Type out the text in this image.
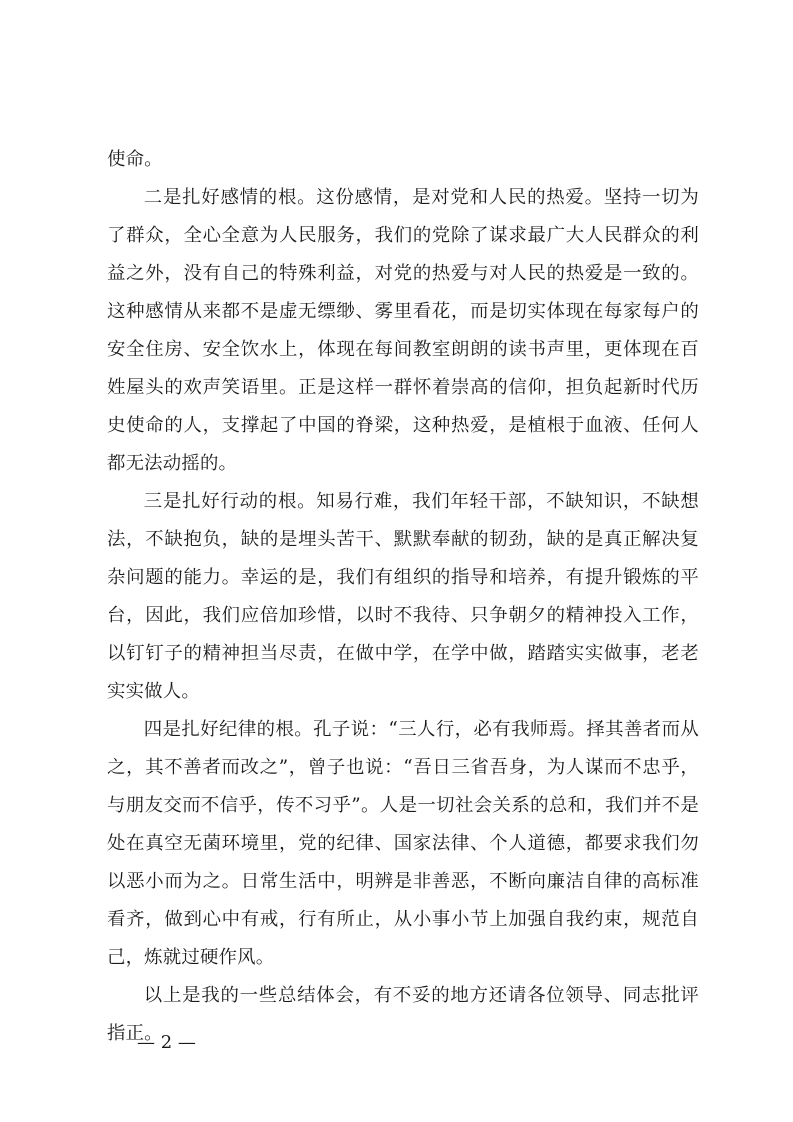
使命。

二是扎好感情的根。这份感情，是对党和人民的热爱。坚持一切为了群众，全心全意为人民服务，我们的党除了谋求最广大人民群众的利益之外，没有自己的特殊利益，对党的热爱与对人民的热爱是一致的。这种感情从来都不是虚无缥缈、雾里看花，而是切实体现在每家每户的安全住房、安全饮水上，体现在每间教室朗朗的读书声里，更体现在百姓屋头的欢声笑语里。正是这样一群怀着崇高的信仰，担负起新时代历史使命的人，支撑起了中国的脊梁，这种热爱，是植根于血液、任何人都无法动摇的。

三是扎好行动的根。知易行难，我们年轻干部，不缺知识，不缺想法，不缺抱负，缺的是埋头苦干、默默奉献的韧劲，缺的是真正解决复杂问题的能力。幸运的是，我们有组织的指导和培养，有提升锻炼的平台，因此，我们应倍加珍惜，以时不我待、只争朝夕的精神投入工作，以钉钉子的精神担当尽责，在做中学，在学中做，踏踏实实做事，老老实实做人。

四是扎好纪律的根。孔子说：“三人行，必有我师焉。择其善者而从之，其不善者而改之”，曾子也说：“吾日三省吾身，为人谋而不忠乎，与朋友交而不信乎，传不习乎”。人是一切社会关系的总和，我们并不是处在真空无菌环境里，党的纪律、国家法律、个人道德，都要求我们勿以恶小而为之。日常生活中，明辨是非善恶，不断向廉洁自律的高标准看齐，做到心中有戒，行有所止，从小事小节上加强自我约束，规范自己，炼就过硬作风。

以上是我的一些总结体会，有不妥的地方还请各位领导、同志批评指正。

— 2 —
